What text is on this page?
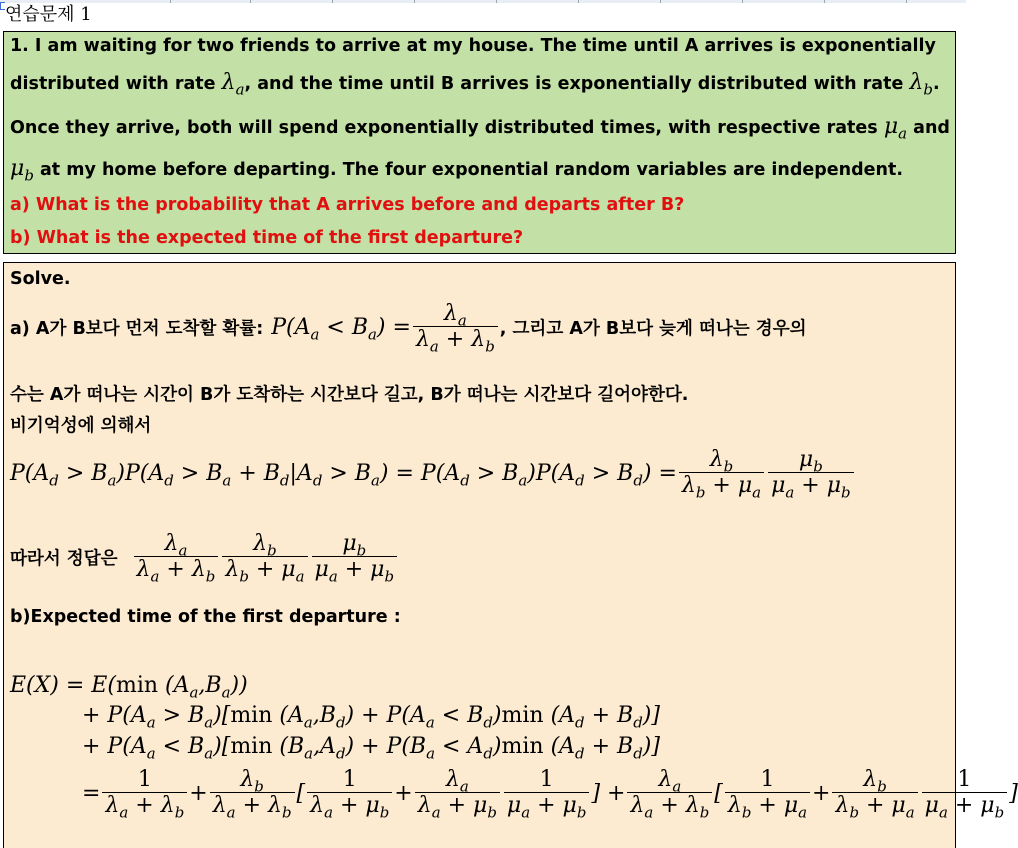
연습문제 1
1. I am waiting for two friends to arrive at my house. The time until A arrives is exponentially
distributed with rate $\lambda_a$, and the time until B arrives is exponentially distributed with rate $\lambda_b$.
Once they arrive, both will spend exponentially distributed times, with respective rates $\mu_a$ and
$\mu_b$ at my home before departing. The four exponential random variables are independent.
a) What is the probability that A arrives before and departs after B?
b) What is the expected time of the first departure?
Solve.
a) A가 B보다 먼저 도착할 확률: $P(A_a < B_a) = \frac{\lambda_a}{\lambda_a + \lambda_b}$ , 그리고 A가 B보다 늦게 떠나는 경우의
수는 A가 떠나는 시간이 B가 도착하는 시간보다 길고, B가 떠나는 시간보다 길어야한다.
비기억성에 의해서
$P(A_d > B_a)P(A_d > B_a + B_d|A_d > B_a) = P(A_d > B_a)P(A_d > B_d) = \frac{\lambda_b}{\lambda_b + \mu_a} \frac{\mu_b}{\mu_a + \mu_b}$
따라서 정답은 $\frac{\lambda_a}{\lambda_a + \lambda_b} \frac{\lambda_b}{\lambda_b + \mu_a} \frac{\mu_b}{\mu_a + \mu_b}$
b)Expected time of the first departure :
E(X) = E(min $(A_a,B_a)$)
+ $P(A_a > B_a)[\min$ $(A_a,B_d) + P(A_a < B_d)\min$ $(A_d + B_d)$]
+ $P(A_a < B_a)[\min$ $(B_a,A_d) + P(B_a < A_d)\min$ $(A_d + B_d)$]
= $\frac{1}{\lambda_a + \lambda_b} + \frac{\lambda_b}{\lambda_a + \lambda_b}$ [ $\frac{1}{\lambda_a + \mu_b} + \frac{\lambda_a}{\lambda_a + \mu_b} \frac{1}{\mu_a + \mu_b}$ ] + $\frac{\lambda_a}{\lambda_a + \lambda_b}$ [ $\frac{1}{\lambda_b + \mu_a} + \frac{\lambda_b}{\lambda_b + \mu_a} \frac{1}{\mu_a + \mu_b}$ ]
